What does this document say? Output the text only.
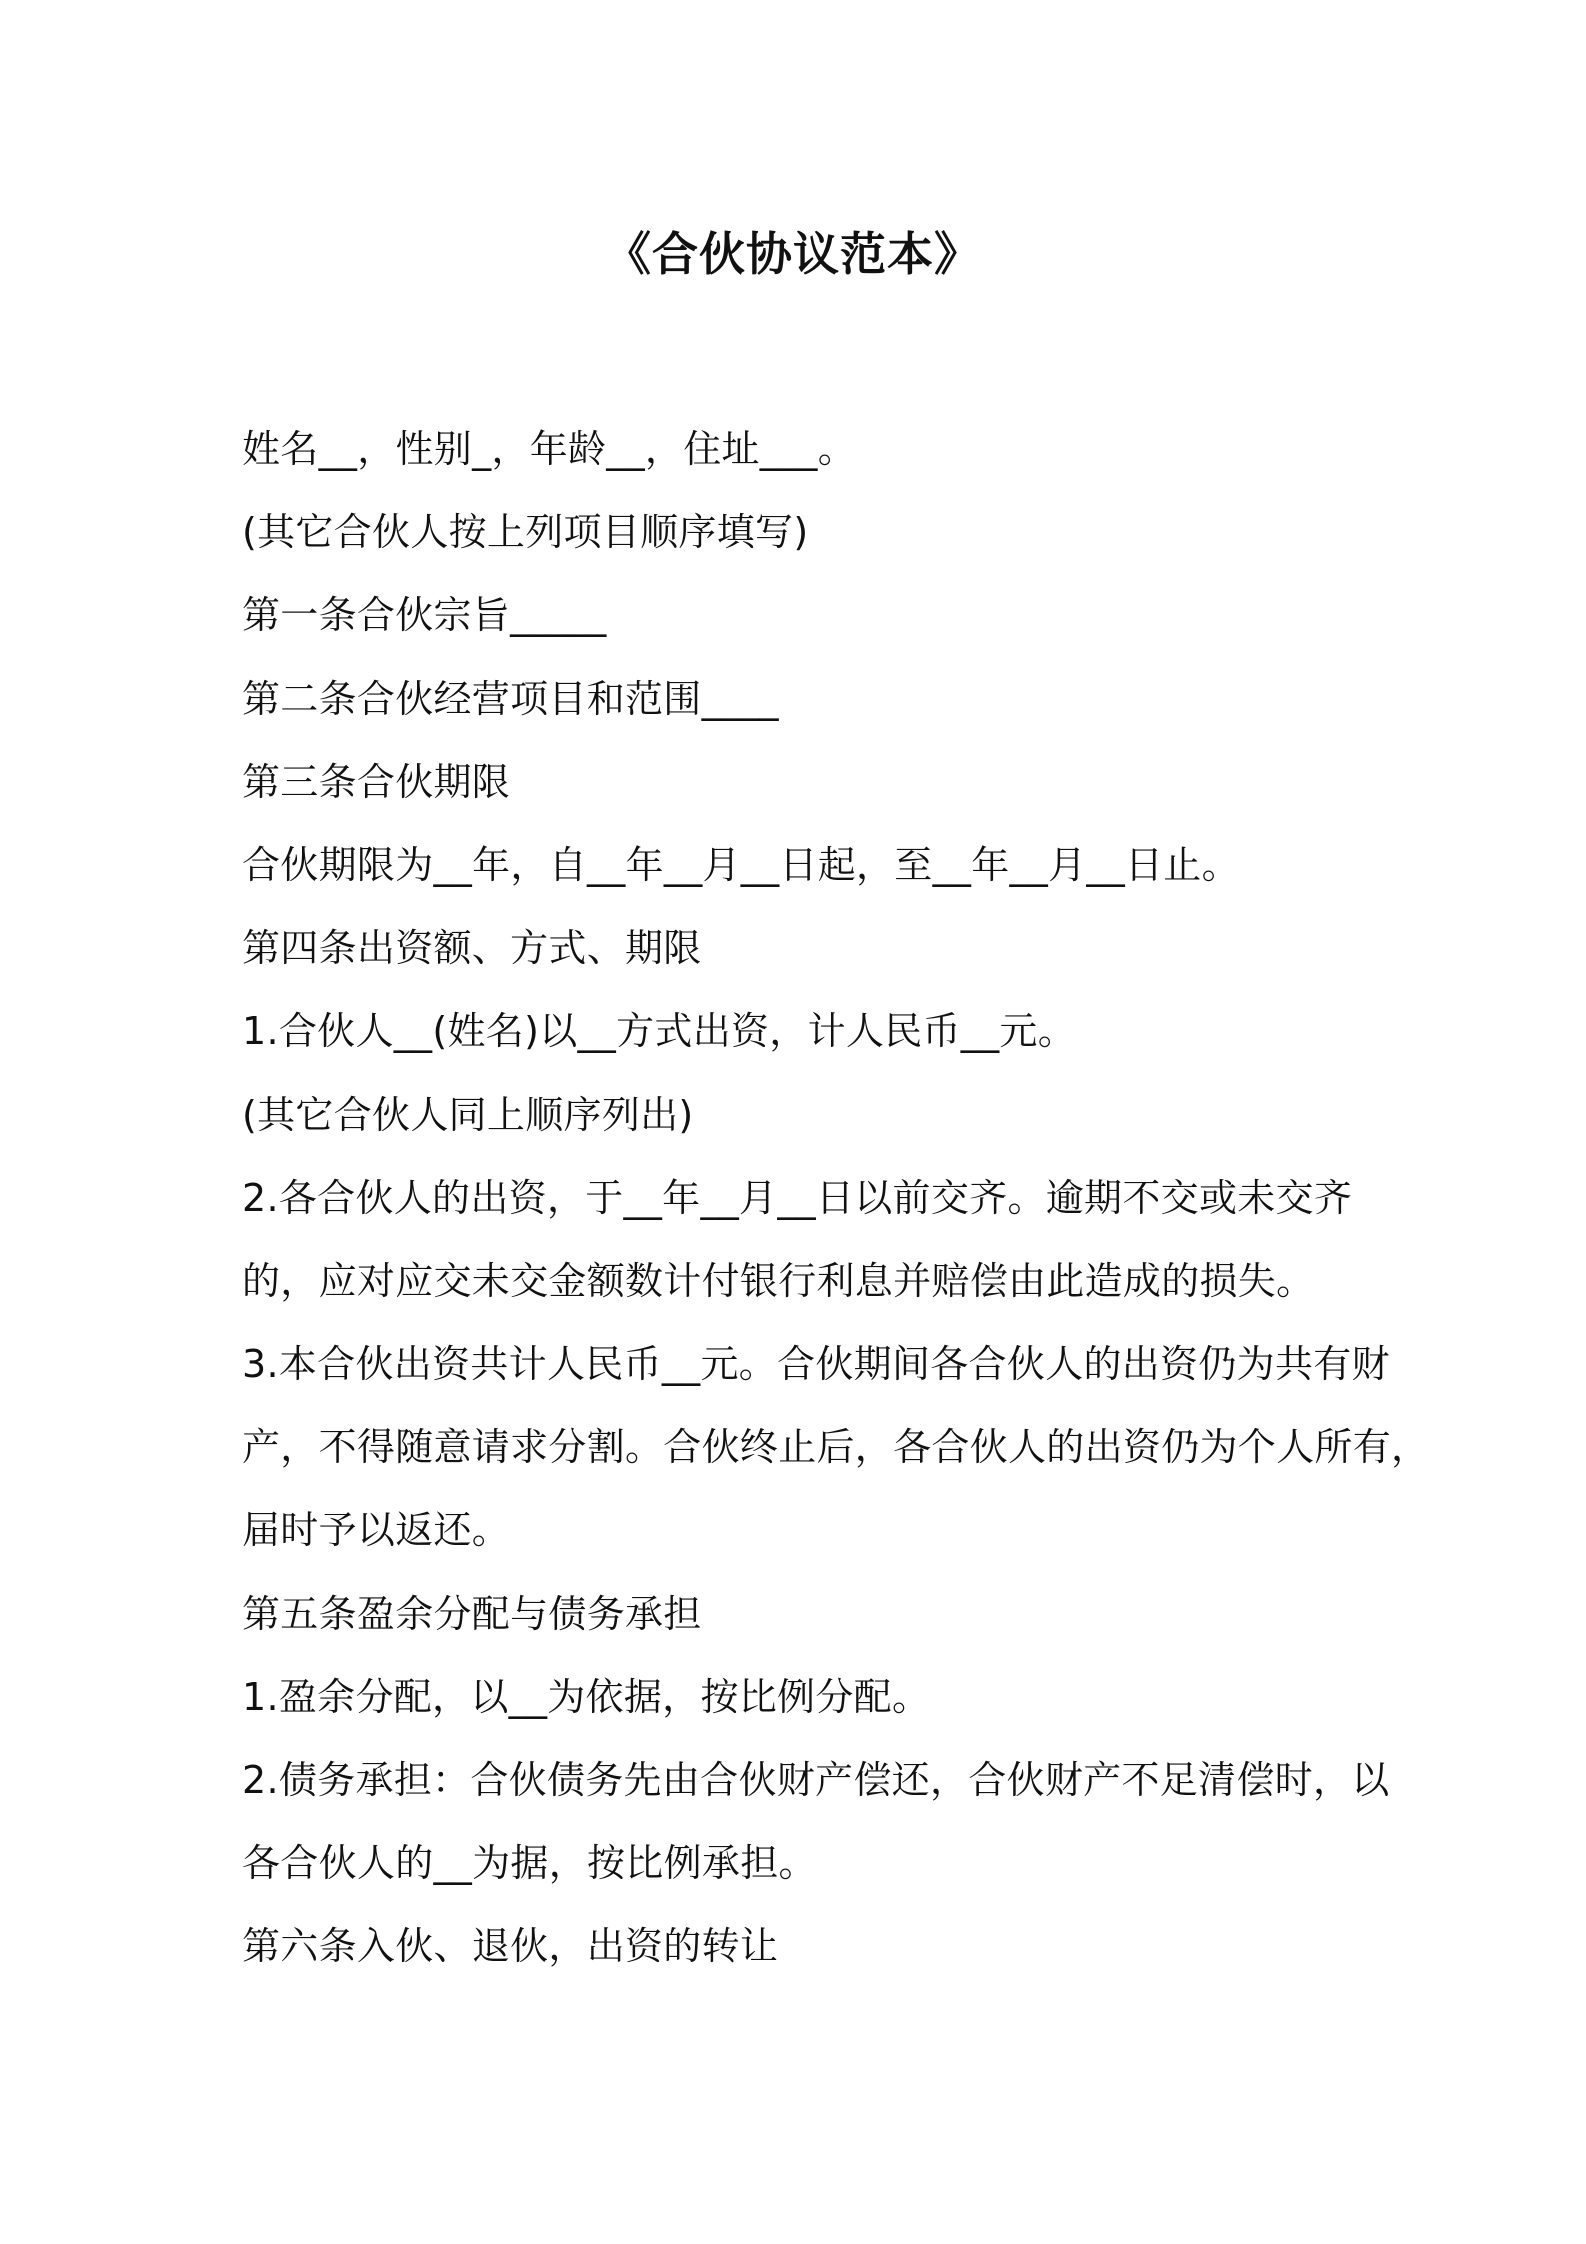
《合伙协议范本》
姓名__，性别_，年龄__，住址___。
(其它合伙人按上列项目顺序填写)
第一条合伙宗旨_____
第二条合伙经营项目和范围____
第三条合伙期限
合伙期限为__年，自__年__月__日起，至__年__月__日止。
第四条出资额、方式、期限
1.合伙人__(姓名)以__方式出资，计人民币__元。
(其它合伙人同上顺序列出)
2.各合伙人的出资，于__年__月__日以前交齐。逾期不交或未交齐
的，应对应交未交金额数计付银行利息并赔偿由此造成的损失。
3.本合伙出资共计人民币__元。合伙期间各合伙人的出资仍为共有财
产，不得随意请求分割。合伙终止后，各合伙人的出资仍为个人所有，
届时予以返还。
第五条盈余分配与债务承担
1.盈余分配，以__为依据，按比例分配。
2.债务承担：合伙债务先由合伙财产偿还，合伙财产不足清偿时，以
各合伙人的__为据，按比例承担。
第六条入伙、退伙，出资的转让
